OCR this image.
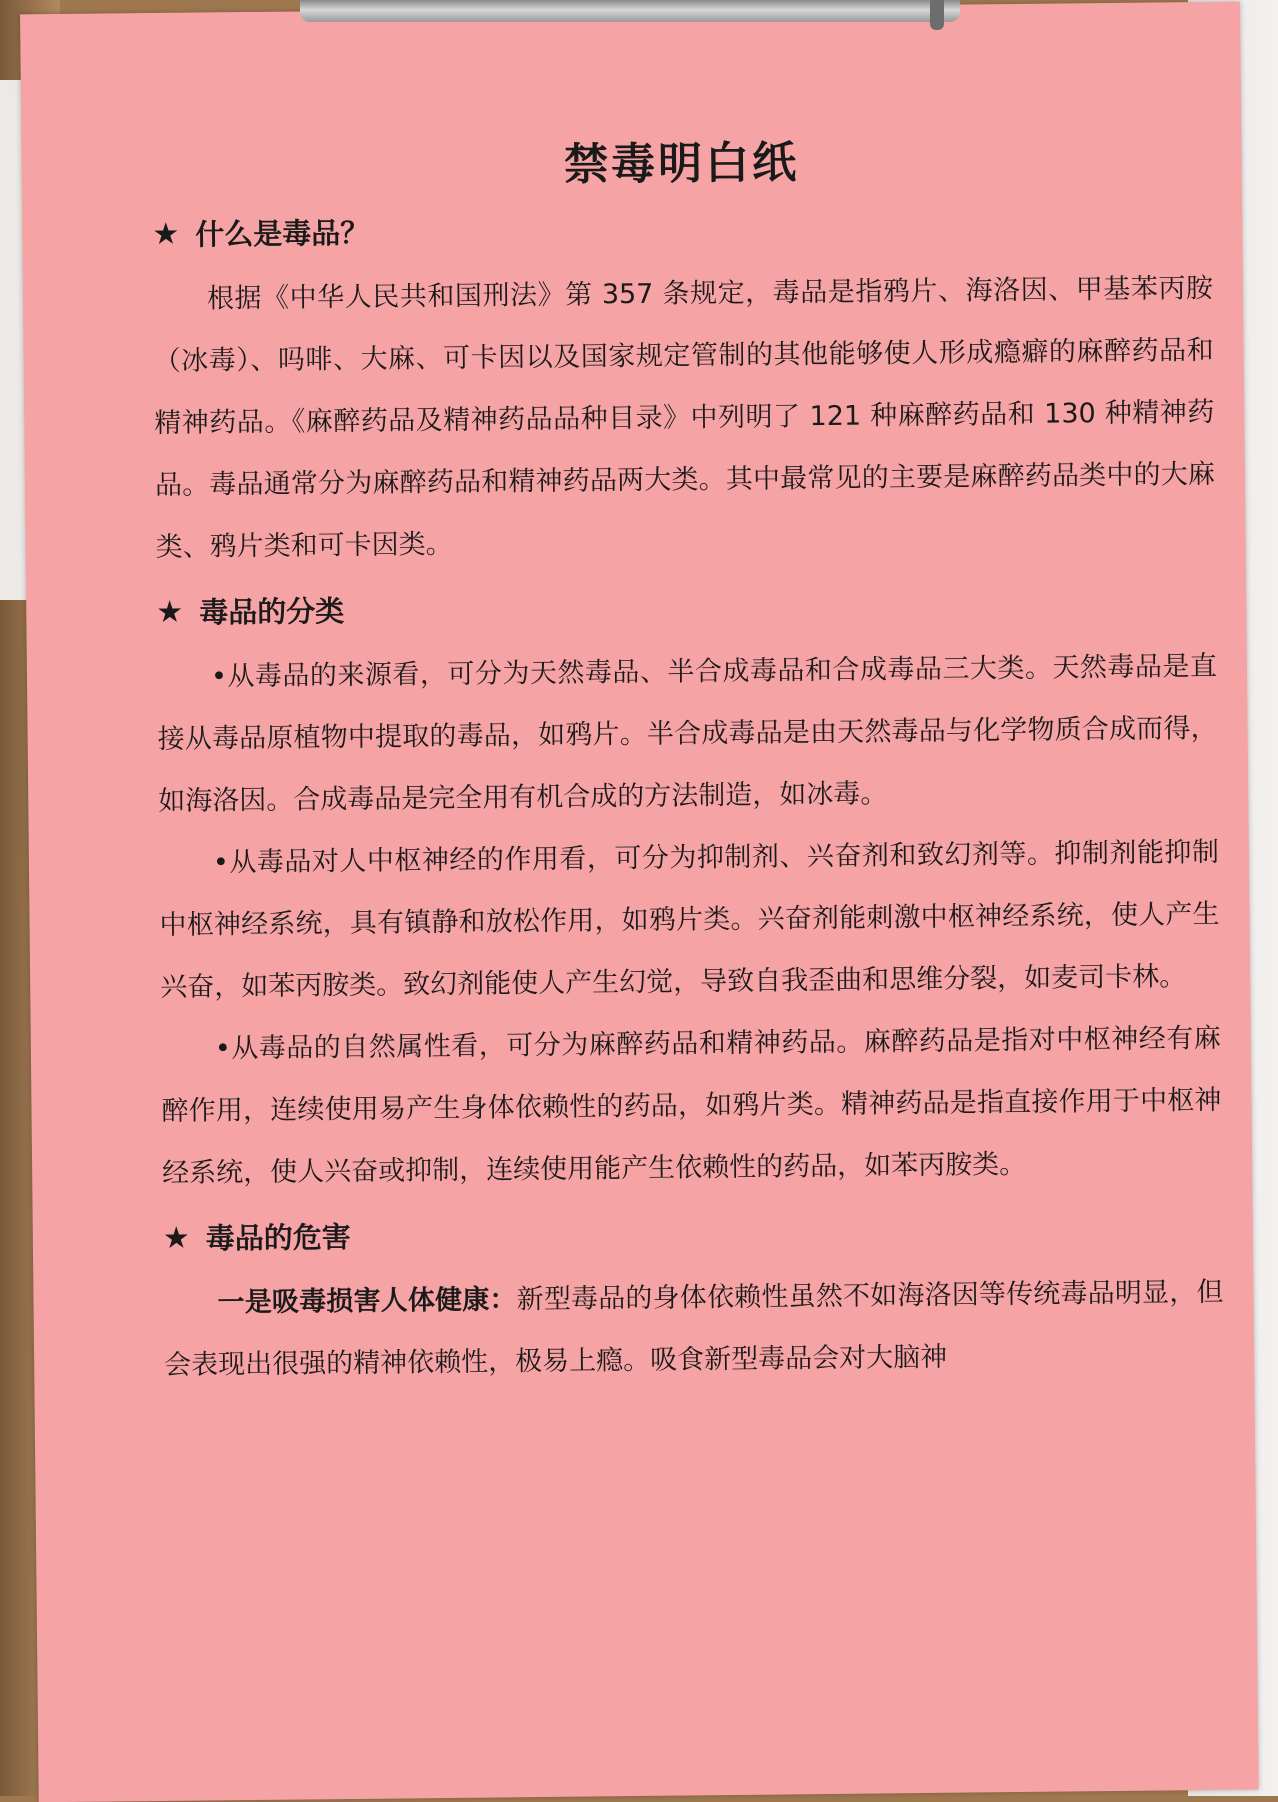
禁毒明白纸
★ 什么是毒品？

根据《中华人民共和国刑法》第 357 条规定，毒品是指鸦片、海洛因、甲基苯丙胺（冰毒）、吗啡、大麻、可卡因以及国家规定管制的其他能够使人形成瘾癖的麻醉药品和精神药品。《麻醉药品及精神药品品种目录》中列明了 121 种麻醉药品和 130 种精神药品。毒品通常分为麻醉药品和精神药品两大类。其中最常见的主要是麻醉药品类中的大麻类、鸦片类和可卡因类。

★ 毒品的分类

•从毒品的来源看，可分为天然毒品、半合成毒品和合成毒品三大类。天然毒品是直接从毒品原植物中提取的毒品，如鸦片。半合成毒品是由天然毒品与化学物质合成而得，如海洛因。合成毒品是完全用有机合成的方法制造，如冰毒。

•从毒品对人中枢神经的作用看，可分为抑制剂、兴奋剂和致幻剂等。抑制剂能抑制中枢神经系统，具有镇静和放松作用，如鸦片类。兴奋剂能刺激中枢神经系统，使人产生兴奋，如苯丙胺类。致幻剂能使人产生幻觉，导致自我歪曲和思维分裂，如麦司卡林。

•从毒品的自然属性看，可分为麻醉药品和精神药品。麻醉药品是指对中枢神经有麻醉作用，连续使用易产生身体依赖性的药品，如鸦片类。精神药品是指直接作用于中枢神经系统，使人兴奋或抑制，连续使用能产生依赖性的药品，如苯丙胺类。

★ 毒品的危害

一是吸毒损害人体健康：新型毒品的身体依赖性虽然不如海洛因等传统毒品明显，但会表现出很强的精神依赖性，极易上瘾。吸食新型毒品会对大脑神
